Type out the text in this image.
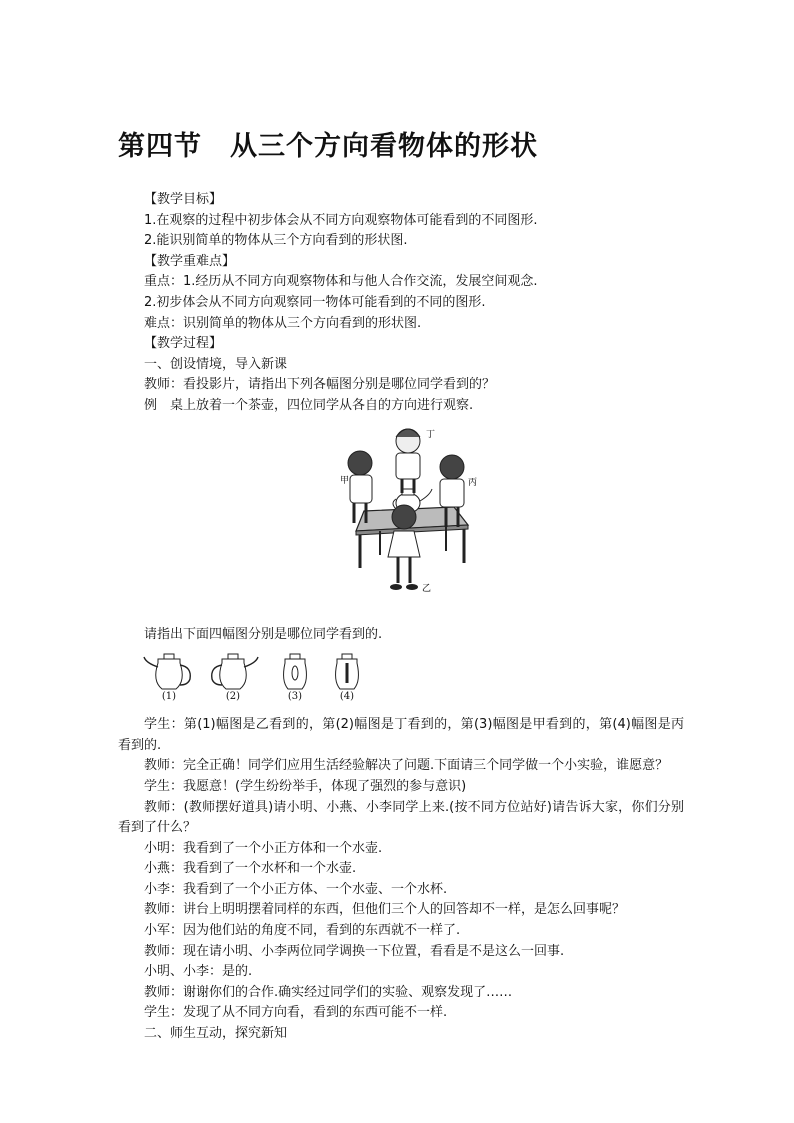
第四节　从三个方向看物体的形状

【教学目标】

1.在观察的过程中初步体会从不同方向观察物体可能看到的不同图形.

2.能识别简单的物体从三个方向看到的形状图.

【教学重难点】

重点：1.经历从不同方向观察物体和与他人合作交流，发展空间观念.

2.初步体会从不同方向观察同一物体可能看到的不同的图形.

难点：识别简单的物体从三个方向看到的形状图.

【教学过程】

一、创设情境，导入新课

教师：看投影片，请指出下列各幅图分别是哪位同学看到的？

例　桌上放着一个茶壶，四位同学从各自的方向进行观察.

丁
甲	丙
乙

请指出下面四幅图分别是哪位同学看到的.

(1)	(2)	(3)	(4)

学生：第(1)幅图是乙看到的，第(2)幅图是丁看到的，第(3)幅图是甲看到的，第(4)幅图是丙看到的.

教师：完全正确！同学们应用生活经验解决了问题.下面请三个同学做一个小实验，谁愿意？

学生：我愿意！(学生纷纷举手，体现了强烈的参与意识)

教师：(教师摆好道具)请小明、小燕、小李同学上来.(按不同方位站好)请告诉大家，你们分别看到了什么？

小明：我看到了一个小正方体和一个水壶.

小燕：我看到了一个水杯和一个水壶.

小李：我看到了一个小正方体、一个水壶、一个水杯.

教师：讲台上明明摆着同样的东西，但他们三个人的回答却不一样，是怎么回事呢？

小军：因为他们站的角度不同，看到的东西就不一样了.

教师：现在请小明、小李两位同学调换一下位置，看看是不是这么一回事.

小明、小李：是的.

教师：谢谢你们的合作.确实经过同学们的实验、观察发现了……

学生：发现了从不同方向看，看到的东西可能不一样.

二、师生互动，探究新知
